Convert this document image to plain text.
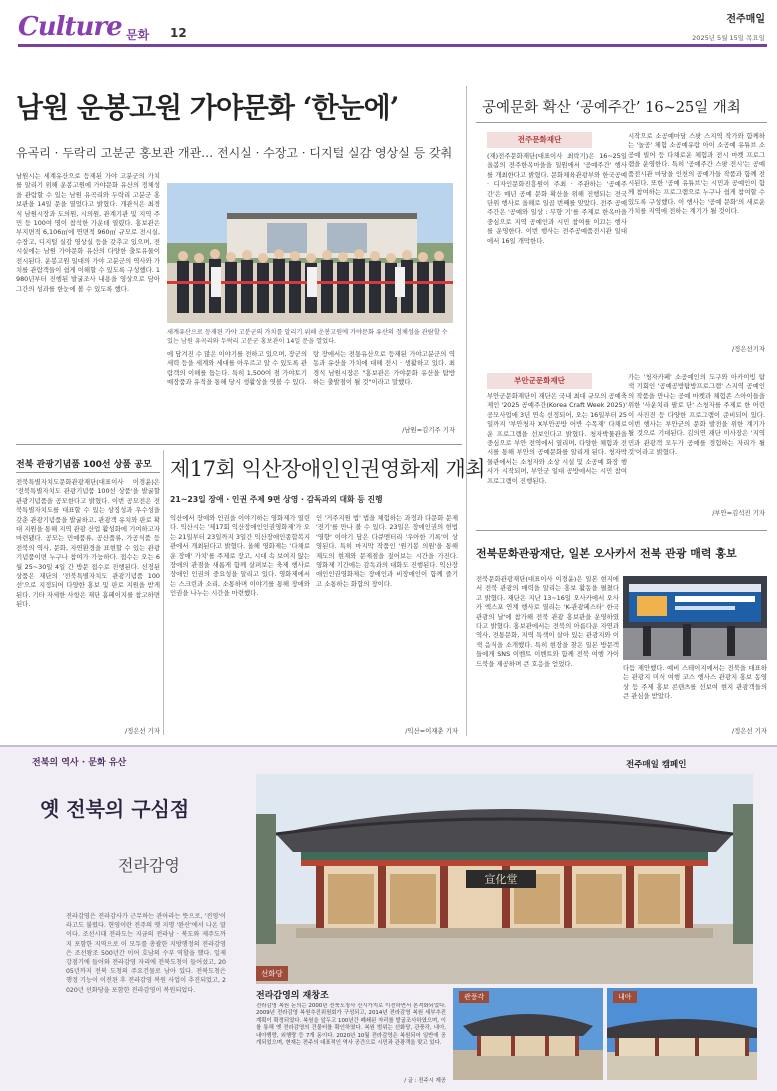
Culture 문화 12
전주매일
2025년 5월 15일 목요일
남원 운봉고원 가야문화 ‘한눈에’
유곡리 · 두락리 고분군 홍보관 개관… 전시실 · 수장고 · 디지털 실감 영상실 등 갖춰
남원시는 세계유산으로 등재된 가야 고분군의 가치를 알리기 위해 운봉고원에 가야문화 유산의 정체성을 관람할 수 있는 남원 유곡리와 두락리 고분군 홍보관을 14일 문을 열었다고 밝혔다. 개관식은 최경식 남원시장과 도의원, 시의원, 관계기관 및 지역 주민 등 100여 명이 참석한 가운데 열렸다. 홍보관은 부지면적 6,106㎡에 연면적 960㎡ 규모로 전시실, 수장고, 디지털 실감 영상실 등을 갖추고 있으며, 전시실에는 남원 가야문화 유산의 다양한 출토유물이 전시된다. 운봉고원 일대의 가야 고분군의 역사와 가치를 관람객들이 쉽게 이해할 수 있도록 구성했다. 1980년부터 진행된 발굴조사 내용을 영상으로 담아 그간의 성과를 한눈에 볼 수 있도록 했다.
세계유산으로 등재된 가야 고분군의 가치를 알리기 위해 운봉고원에 가야문화 유산의 정체성을 관람할 수 있는 남원 유곡리와 두락리 고분군 홍보관이 14일 문을 열었다.
에 담겨진 수 많은 이야기를 전하고 있으며, 장군의 세력 등을 세계와 세대를 아우르고 알 수 있도록 관람객의 이해를 돕는다. 특히 1,500여 점 가야토기 매장품과 유적을 통해 당시 생활상을 엿볼 수 있다.
탕 장에서는 전통유산으로 등재된 가야고분군의 역동과 유산을 가치에 대해 전시 · 생활하고 있다. 최경식 남원시장은 "홍보관은 가야문화 유산을 탐방하는 출발점이 될 것"이라고 말했다.
/남원=김기주 기자
공예문화 확산 ‘공예주간’ 16~25일 개최
전주문화재단
(재)전주문화재단(대표이사 최락기)은 16~25일 올봄의 전주한옥마을을 일원에서 '공예주간' 행사를 개최한다고 밝혔다. 문화체육관광부와 한국공예 · 디자인문화진흥원이 주최 · 주관하는 '공예주간'은 매년 공예 문화 확산을 위해 진행되는 전국 단위 행사로 올해로 일곱 번째를 맞았다. 전주 공예주간은 '공예와 일상 : 무향 기'를 주제로 한옥마을 중심으로 지역 공예인과 시민 참여를 이끄는 행사를 운영한다. 이번 행사는 전주공예품전시관 일대에서 16일 개막한다.
시작으로 소공예마당 스팟 스지역 작가와 함께하는 '놀공' 체험 소공예유람 아이 소공예 유튜브 소공예 빌어 등 다채로운 체험과 전시 마켓 프로그램을 운영한다. 특히 '공예주간 스팟 전시'는 공예품전시관 마당을 인천의 공예가들 작품과 함께 전시된다. 또한 '공예 유튜브'는 시민과 공예인이 함께 참여하는 프로그램으로 누구나 쉽게 참여할 수 있도록 구성했다. 이 행사는 '공예 문화'의 새로운 가치를 지역에 전하는 계기가 될 것이다.
/정은선기자
부안군문화재단
부안군문화재단이 재단은 국내 최대 규모의 공예축제인 '2025 공예주간(Korea Craft Week 2025)' 공모사업에 3년 연속 선정되어, 오는 16일부터 25일까지 '부안청자 X부안공방 어반 수목재' 다채로운 프로그램을 선보인다고 밝혔다. 청자박물관을 중심으로 부안 전역에서 열리며, 다양한 체험과 전시를 통해 부안의 공예문화를 알리게 된다. 청자박물관에서는 소청자와 소상 시설 및 소공예 화장 행사가 시작되며, 부안군 일대 공방에서는 시민 참여 프로그램이 진행된다.
가는 '청자카페' 소공예인의 도구와 아카이빙 탐색 기회인 '공예공방탐방프로그램' 스지역 공예인의 작품을 만나는 공예 마켓과 체험존 스아이들을 위한 '사운치리 팔로 단' 스청자를 주제로 한 어린이 사진전 등 다양한 프로그램이 준비되어 있다. 이번 행사는 부안군의 문화 발전을 위한 계기가 될 것으로 기대된다. 김의연 재단 이사장은 '지역민과 관광객 모두가 공예를 경험하는 자리가 될 것'이라고 밝혔다.
/부안=김석진 기자
전북문화관광재단, 일본 오사카서 전북 관광 매력 홍보
전북문화관광재단(대표이사 이경윤)은 일본 현지에서 전북 관광의 매력을 알리는 홍보 활동을 펼쳤다고 밝혔다. 재단은 지난 13~16일 오사카에서 오사카 엑스포 연계 행사로 열리는 'K-관광페스타' 한국관광의 날'에 참가해 전북 관광 홍보관을 운영하였다고 밝혔다. 홍보관에서는 전북의 아름다운 자연과 역사, 전통문화, 지역 특색이 살아 있는 관광지와 이색 음식을 소개했다. 특히 현장을 찾은 일본 방문객들에게 SNS 이벤트 이벤트와 함께 전북 여행 가이드북을 제공하며 큰 호응을 얻었다.
다듬 제안했다. 예비 스테이지에서는 전북을 대표하는 관광지 미식 여행 코스 행사스 관광지 홍보 동영상 등 주제 홍보 콘텐츠를 선보여 현지 관광객들의 큰 관심을 받았다.
/정은선 기자
전북 관광기념품 100선 상품 공모
전북특별자치도문화관광재단(대표이사 이경윤)은 '전북특별자치도 관광기념품 100선 상품'을 발굴할 관광기념품을 공모한다고 밝혔다. 이번 공모전은 전북특별자치도를 대표할 수 있는 상징성과 우수성을 갖춘 관광기념품을 발굴하고, 관광객 유치와 판로 확대 지원을 통해 지역 관광 산업 활성화에 기여하고자 마련됐다. 공모는 민예품류, 공산품류, 가공식품 등 전북의 역사, 문화, 자연환경을 표현할 수 있는 관광 기념품이면 누구나 참여가 가능하다. 접수는 오는 6월 25~30일 4일 간 방문 접수로 진행된다. 선정된 상품은 재단의 '전북특별자치도 관광기념품 100선'으로 지정되어 다양한 홍보 및 판로 지원을 받게 된다. 기타 자세한 사항은 재단 홈페이지를 참고하면 된다.
/정은선 기자
제17회 익산장애인인권영화제 개최
21~23일 장애 · 인권 주제 9편 상영 · 감독과의 대화 등 진행
익산에서 장애와 인권을 이야기하는 영화제가 열린다. 익산시는 '제17회 익산장애인인권영화제'가 오는 21일부터 23일까지 3일간 익산장애인종합복지관에서 개최된다고 밝혔다. 올해 영화제는 '다채로운 장애' 가치'를 주제로 장고, 시대 속 보여지 않는 장애의 관점을 새롭게 함께 살펴보는 축제 행사로 장애인 인권의 중요성을 알리고 있다. 영화제에서는 스크린과 소리, 소통하며 이야기를 통해 장애와 인권을 나누는 시간을 마련했다.
인 '거주지원 법' 법을 체험하는 과정과 다문화 문제 '전기'를 만나 볼 수 있다. 23일은 장애인권의 헌법 '영향' 이야기 담은 다큐멘터리 '우아한 기록'이 상영된다. 특히 마지막 작품인 '원기봉 의원'을 통해 제도의 현재와 문제점을 짚어보는 시간을 가진다. 영화제 기간에는 감독과의 대화도 진행된다. 익산장애인인권영화제는 장애인과 비장애인이 함께 즐기고 소통하는 화합의 장이다.
/익산=이재춘 기자
전북의 역사 · 문화 유산
옛 전북의 구심점
전라감영
전라감영은 전라감사가 근무하는 관아라는 뜻으로, '전영'이라고도 불렸다. 현영이란 전주의 옛 지명 '완산'에서 나온 말이다. 조선시대 전라도는 지금의 전라남 · 북도와 제주도까지 포함한 지역으로 이 모두를 총괄한 지방행정의 전라감영은 조선왕조 500년간 이어 호남의 수부 역할을 했다. 일제강점기에 들어와 전라감영 자리에 전북도청이 들어섰고, 2005년까지 전북 도청의 주요건물로 남아 있다. 전북도청은 행정 기능이 이전된 후 전라감영 복원 사업이 추진되었고, 2020년 선화당을 포함한 전라감영이 복원되었다.
宣化堂
전주매일 캠페인
선화당
전라감영의 재창조
전라감영 복원 논의는 2000년 전북도청사 신시가지로 이전하면서 본격화되었다. 2009년 전라감영 복원추진위원회가 구성되고, 2014년 전라감영 복원 세부추진계획이 확정되었다. 복원을 앞두고 100년간 폐쇄된 자리를 발굴조사하였으며, 이를 통해 옛 전라감영의 건물터를 확인하였다. 복원 범위는 선화당, 관풍각, 내아, 내아행랑, 외행랑 등 7개 동이다. 2020년 10월 전라감영은 복원되어 일반에 공개되었으며, 현재는 전주의 대표적인 역사 공간으로 시민과 관광객을 맞고 있다.
/ 글 : 전주시 제공
관풍각	내아
